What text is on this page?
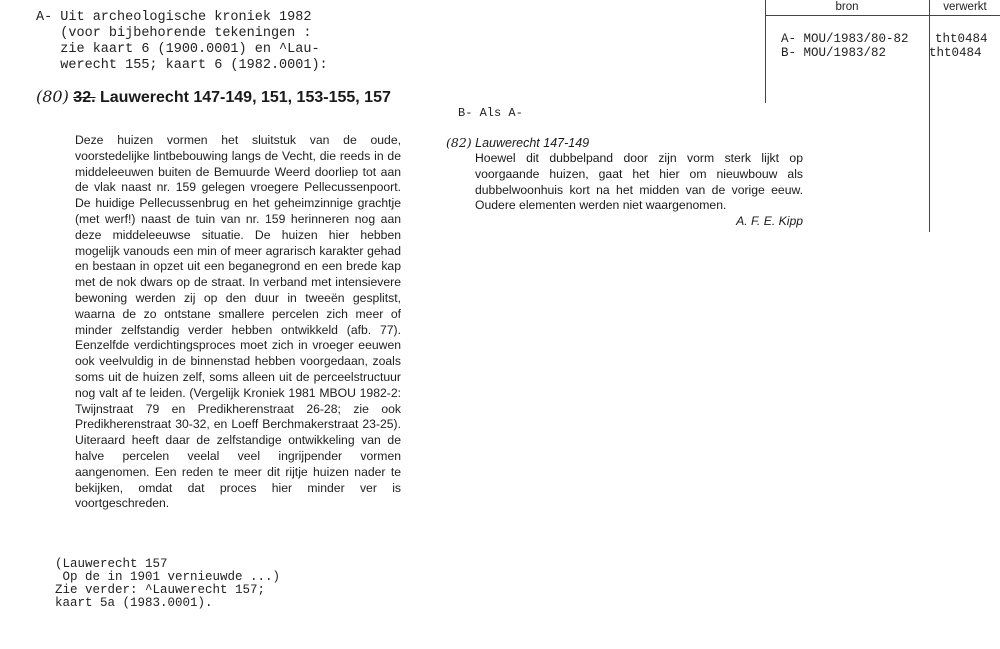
A- Uit archeologische kroniek 1982
(voor bijbehorende tekeningen :
zie kaart 6 (1900.0001) en ^Lau-
werecht 155; kaart 6 (1982.0001):
(80) 32. Lauwerecht 147-149, 151, 153-155, 157

Deze huizen vormen het sluitstuk van de oude, voorstedelijke lintbebouwing langs de Vecht, die reeds in de middeleeuwen buiten de Bemuurde Weerd doorliep tot aan de vlak naast nr. 159 gelegen vroegere Pellecussenpoort. De huidige Pellecussenbrug en het geheimzinnige grachtje (met werf!) naast de tuin van nr. 159 herinneren nog aan deze middeleeuwse situatie. De huizen hier hebben mogelijk vanouds een min of meer agrarisch karakter gehad en bestaan in opzet uit een beganegrond en een brede kap met de nok dwars op de straat. In verband met intensievere bewoning werden zij op den duur in tweeën gesplitst, waarna de zo ontstane smallere percelen zich meer of minder zelfstandig verder hebben ontwikkeld (afb. 77). Eenzelfde verdichtingsproces moet zich in vroeger eeuwen ook veelvuldig in de binnenstad hebben voorgedaan, zoals soms uit de huizen zelf, soms alleen uit de perceelstructuur nog valt af te leiden. (Vergelijk Kroniek 1981 MBOU 1982-2: Twijnstraat 79 en Predikherenstraat 26-28; zie ook Predikherenstraat 30-32, en Loeff Berchmakerstraat 23-25). Uiteraard heeft daar de zelfstandige ontwikkeling van de halve percelen veelal veel ingrijpender vormen aangenomen. Een reden te meer dit rijtje huizen nader te bekijken, omdat dat proces hier minder ver is voortgeschreden.

(Lauwerecht 157
Op de in 1901 vernieuwde ...)
Zie verder: ^Lauwerecht 157;
kaart 5a (1983.0001).
B- Als A-

(82) Lauwerecht 147-149

Hoewel dit dubbelpand door zijn vorm sterk lijkt op voorgaande huizen, gaat het hier om nieuwbouw als dubbelwoonhuis kort na het midden van de vorige eeuw. Oudere elementen werden niet waargenomen.

A. F. E. Kipp

bron	verwerkt
A- MOU/1983/80-82 tht0484
B- MOU/1983/82	tht0484
